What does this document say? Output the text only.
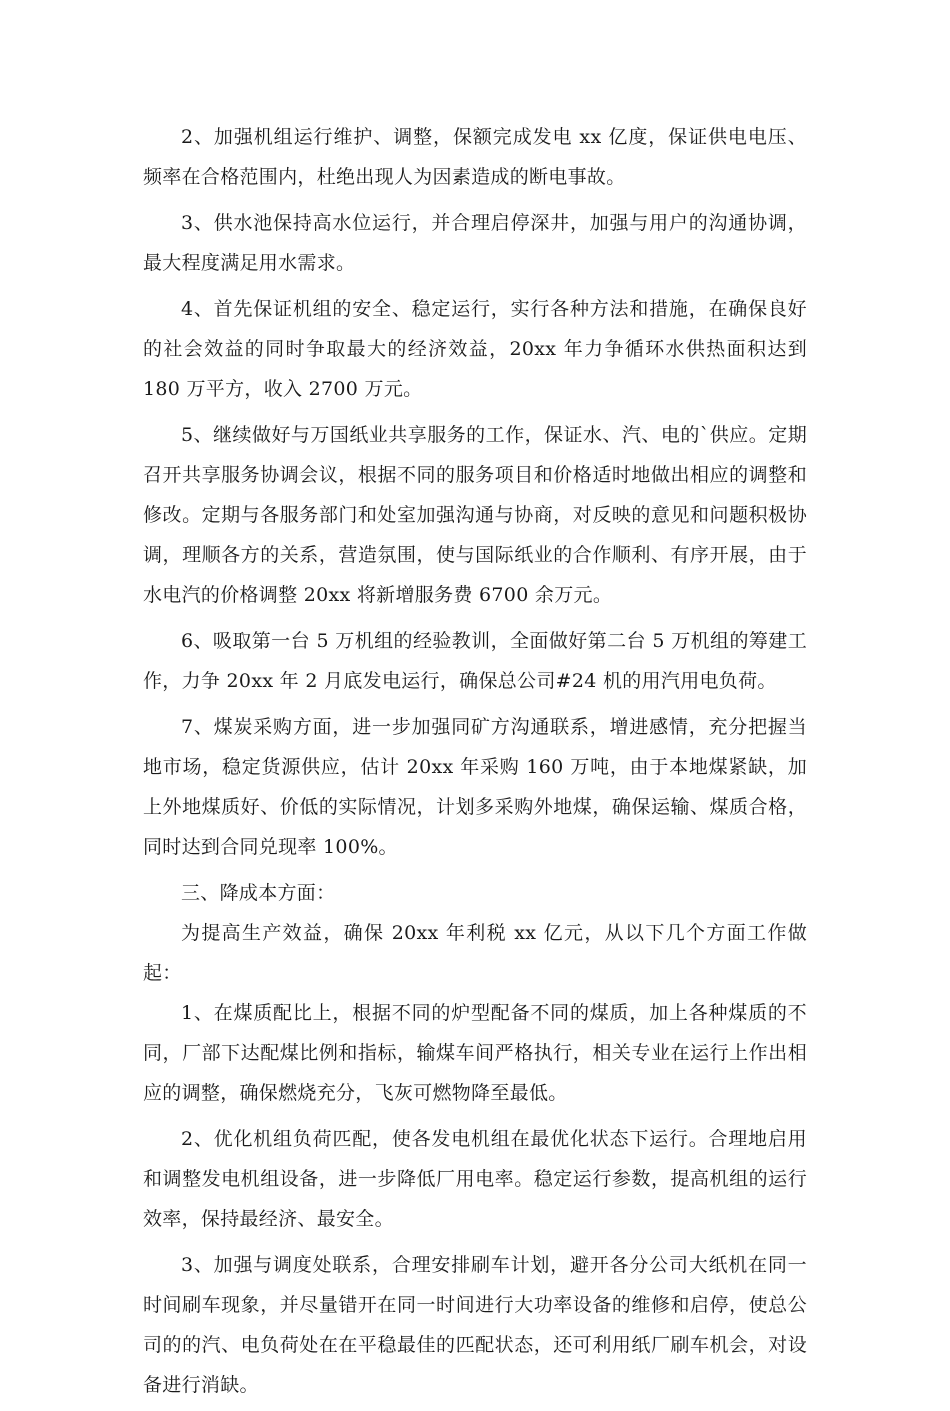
2、加强机组运行维护、调整，保额完成发电 xx 亿度，保证供电电压、频率在合格范围内，杜绝出现人为因素造成的断电事故。

3、供水池保持高水位运行，并合理启停深井，加强与用户的沟通协调，最大程度满足用水需求。

4、首先保证机组的安全、稳定运行，实行各种方法和措施，在确保良好的社会效益的同时争取最大的经济效益，20xx 年力争循环水供热面积达到 180 万平方，收入 2700 万元。

5、继续做好与万国纸业共享服务的工作，保证水、汽、电的`供应。定期召开共享服务协调会议，根据不同的服务项目和价格适时地做出相应的调整和修改。定期与各服务部门和处室加强沟通与协商，对反映的意见和问题积极协调，理顺各方的关系，营造氛围，使与国际纸业的合作顺利、有序开展，由于水电汽的价格调整 20xx 将新增服务费 6700 余万元。

6、吸取第一台 5 万机组的经验教训，全面做好第二台 5 万机组的筹建工作，力争 20xx 年 2 月底发电运行，确保总公司#24 机的用汽用电负荷。

7、煤炭采购方面，进一步加强同矿方沟通联系，增进感情，充分把握当地市场，稳定货源供应，估计 20xx 年采购 160 万吨，由于本地煤紧缺，加上外地煤质好、价低的实际情况，计划多采购外地煤，确保运输、煤质合格，同时达到合同兑现率 100%。

三、降成本方面：

为提高生产效益，确保 20xx 年利税 xx 亿元，从以下几个方面工作做起：

1、在煤质配比上，根据不同的炉型配备不同的煤质，加上各种煤质的不同，厂部下达配煤比例和指标，输煤车间严格执行，相关专业在运行上作出相应的调整，确保燃烧充分，飞灰可燃物降至最低。

2、优化机组负荷匹配，使各发电机组在最优化状态下运行。合理地启用和调整发电机组设备，进一步降低厂用电率。稳定运行参数，提高机组的运行效率，保持最经济、最安全。

3、加强与调度处联系，合理安排刷车计划，避开各分公司大纸机在同一时间刷车现象，并尽量错开在同一时间进行大功率设备的维修和启停，使总公司的的汽、电负荷处在在平稳最佳的匹配状态，还可利用纸厂刷车机会，对设备进行消缺。
